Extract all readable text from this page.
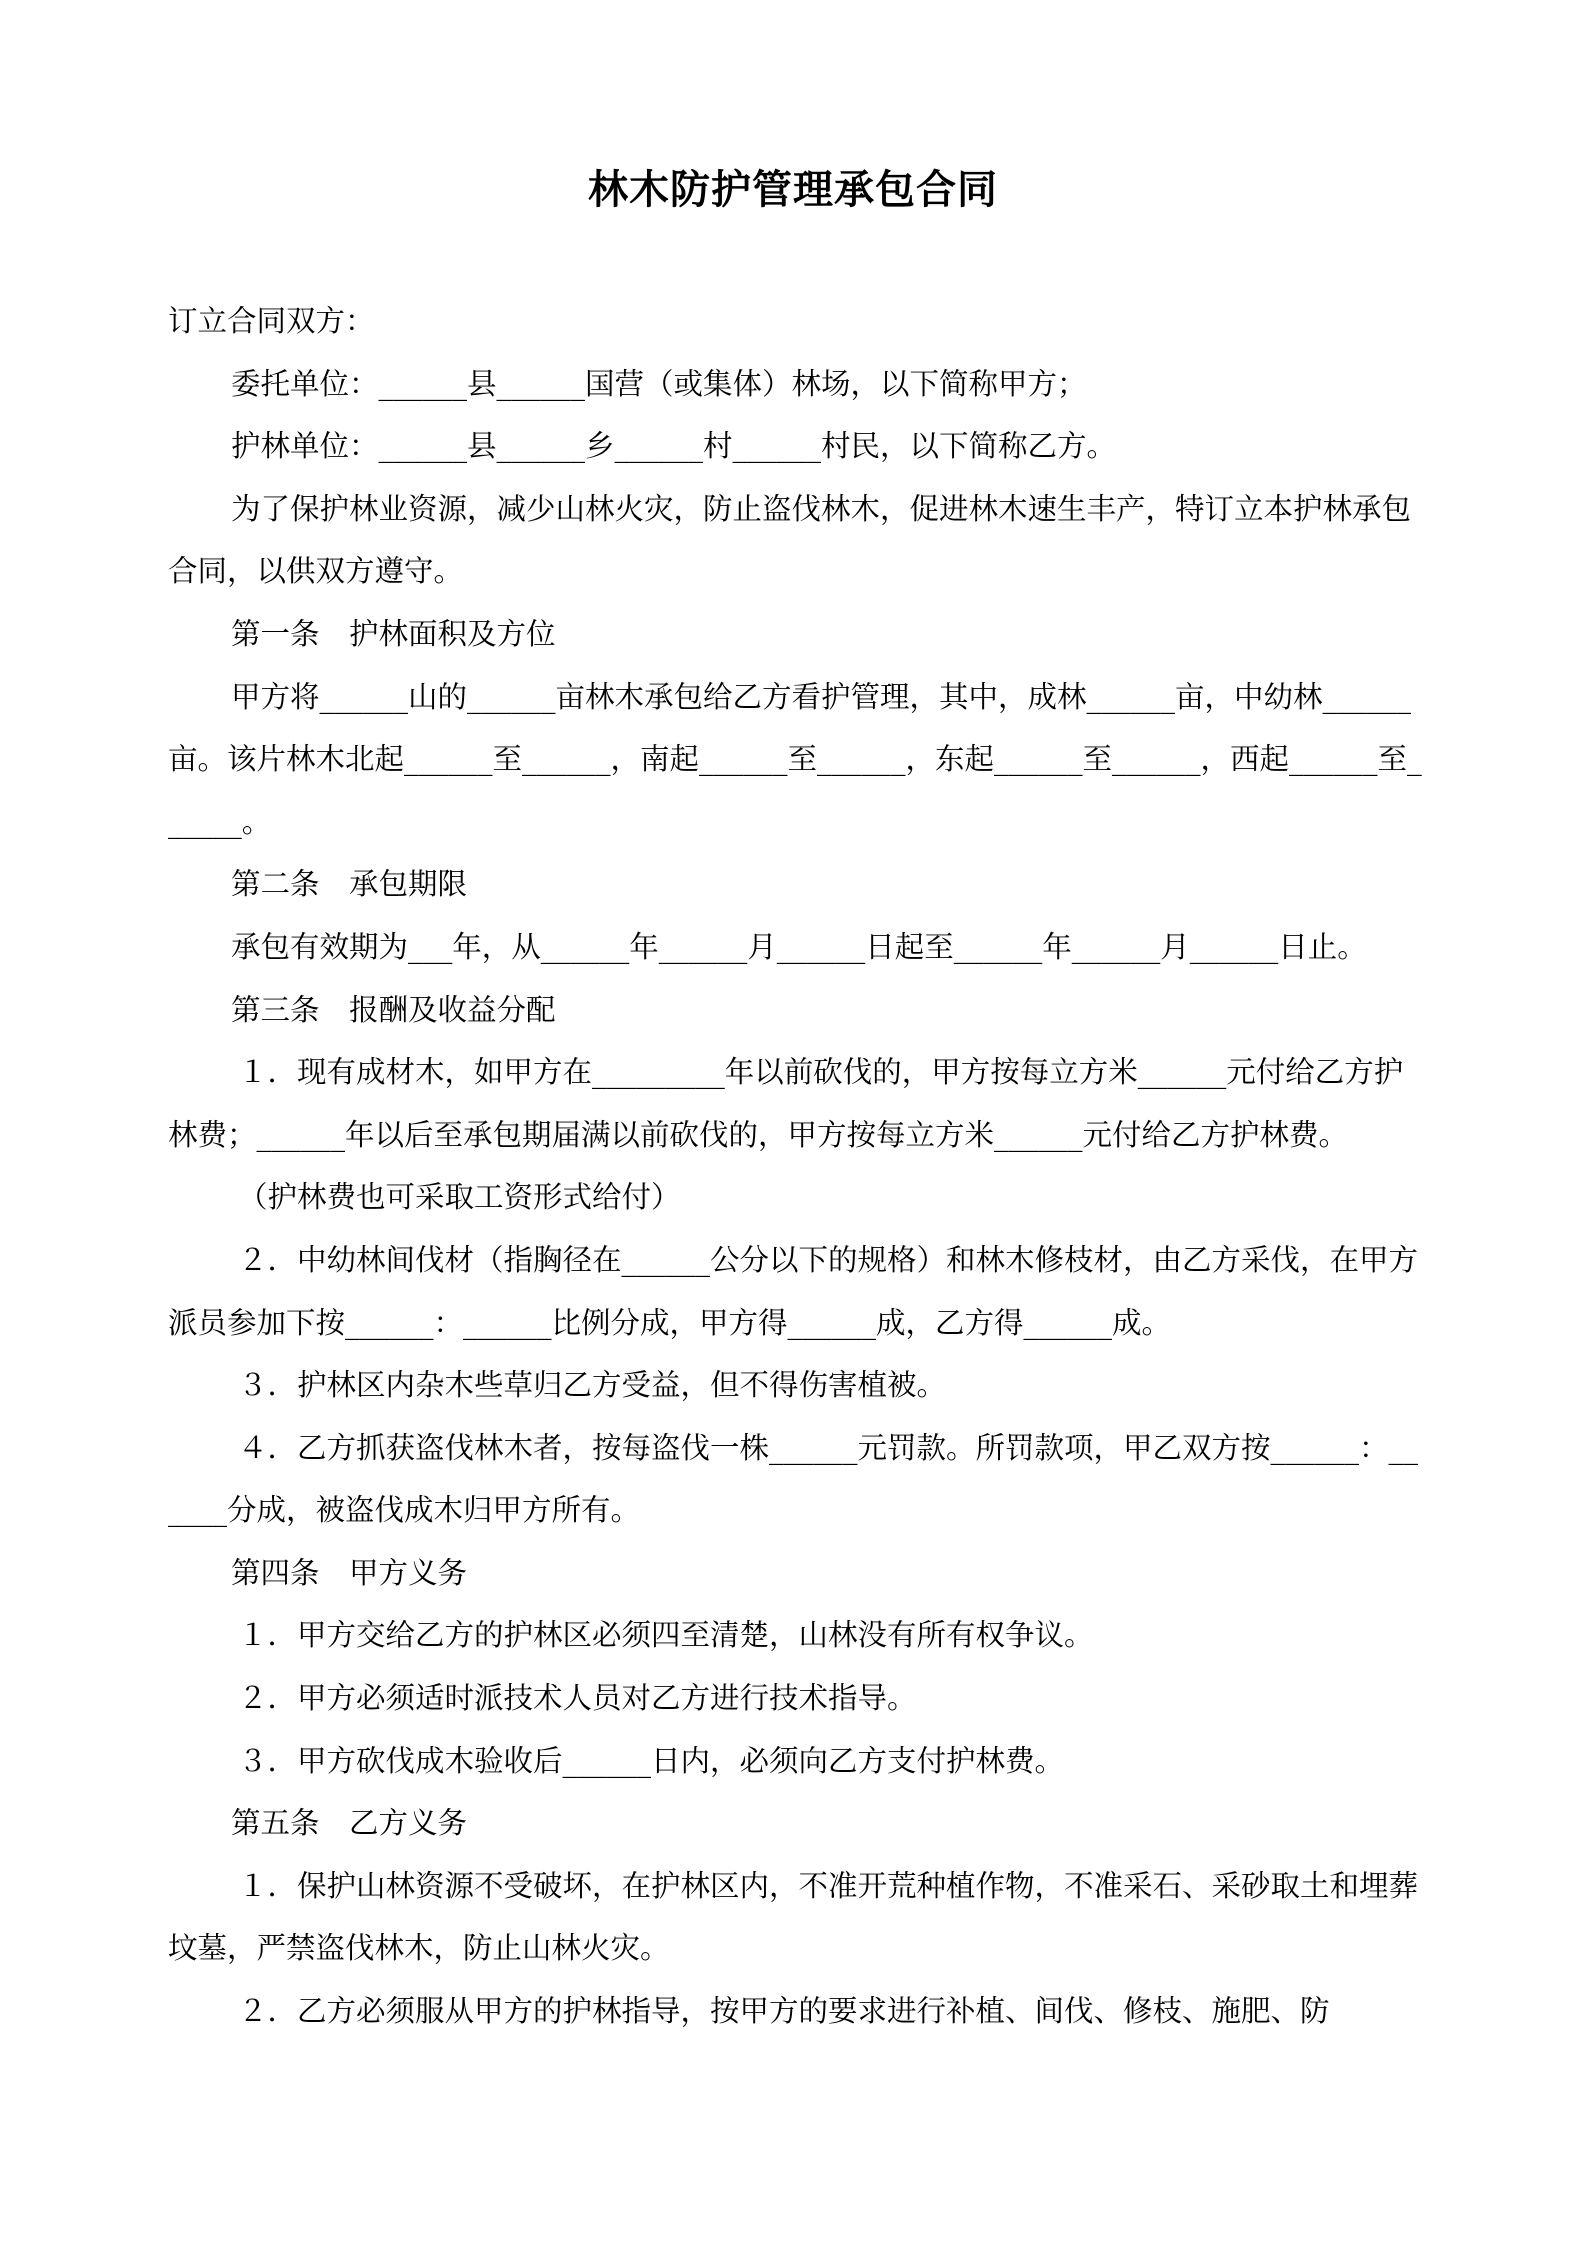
林木防护管理承包合同

订立合同双方：

委托单位：______县______国营（或集体）林场，以下简称甲方；

护林单位：______县______乡______村______村民，以下简称乙方。

为了保护林业资源，减少山林火灾，防止盗伐林木，促进林木速生丰产，特订立本护林承包合同，以供双方遵守。

第一条　护林面积及方位

甲方将______山的______亩林木承包给乙方看护管理，其中，成林______亩，中幼林______亩。该片林木北起______至______，南起______至______，东起______至______，西起______至______。

第二条　承包期限

承包有效期为___年，从______年______月______日起至______年______月______日止。

第三条　报酬及收益分配

１．现有成材木，如甲方在_________年以前砍伐的，甲方按每立方米______元付给乙方护林费；______年以后至承包期届满以前砍伐的，甲方按每立方米______元付给乙方护林费。

（护林费也可采取工资形式给付）

２．中幼林间伐材（指胸径在______公分以下的规格）和林木修枝材，由乙方采伐，在甲方派员参加下按______：______比例分成，甲方得______成，乙方得______成。

３．护林区内杂木些草归乙方受益，但不得伤害植被。

４．乙方抓获盗伐林木者，按每盗伐一株______元罚款。所罚款项，甲乙双方按______：______分成，被盗伐成木归甲方所有。

第四条　甲方义务

１．甲方交给乙方的护林区必须四至清楚，山林没有所有权争议。

２．甲方必须适时派技术人员对乙方进行技术指导。

３．甲方砍伐成木验收后______日内，必须向乙方支付护林费。

第五条　乙方义务

１．保护山林资源不受破坏，在护林区内，不准开荒种植作物，不准采石、采砂取土和埋葬坟墓，严禁盗伐林木，防止山林火灾。

２．乙方必须服从甲方的护林指导，按甲方的要求进行补植、间伐、修枝、施肥、防
